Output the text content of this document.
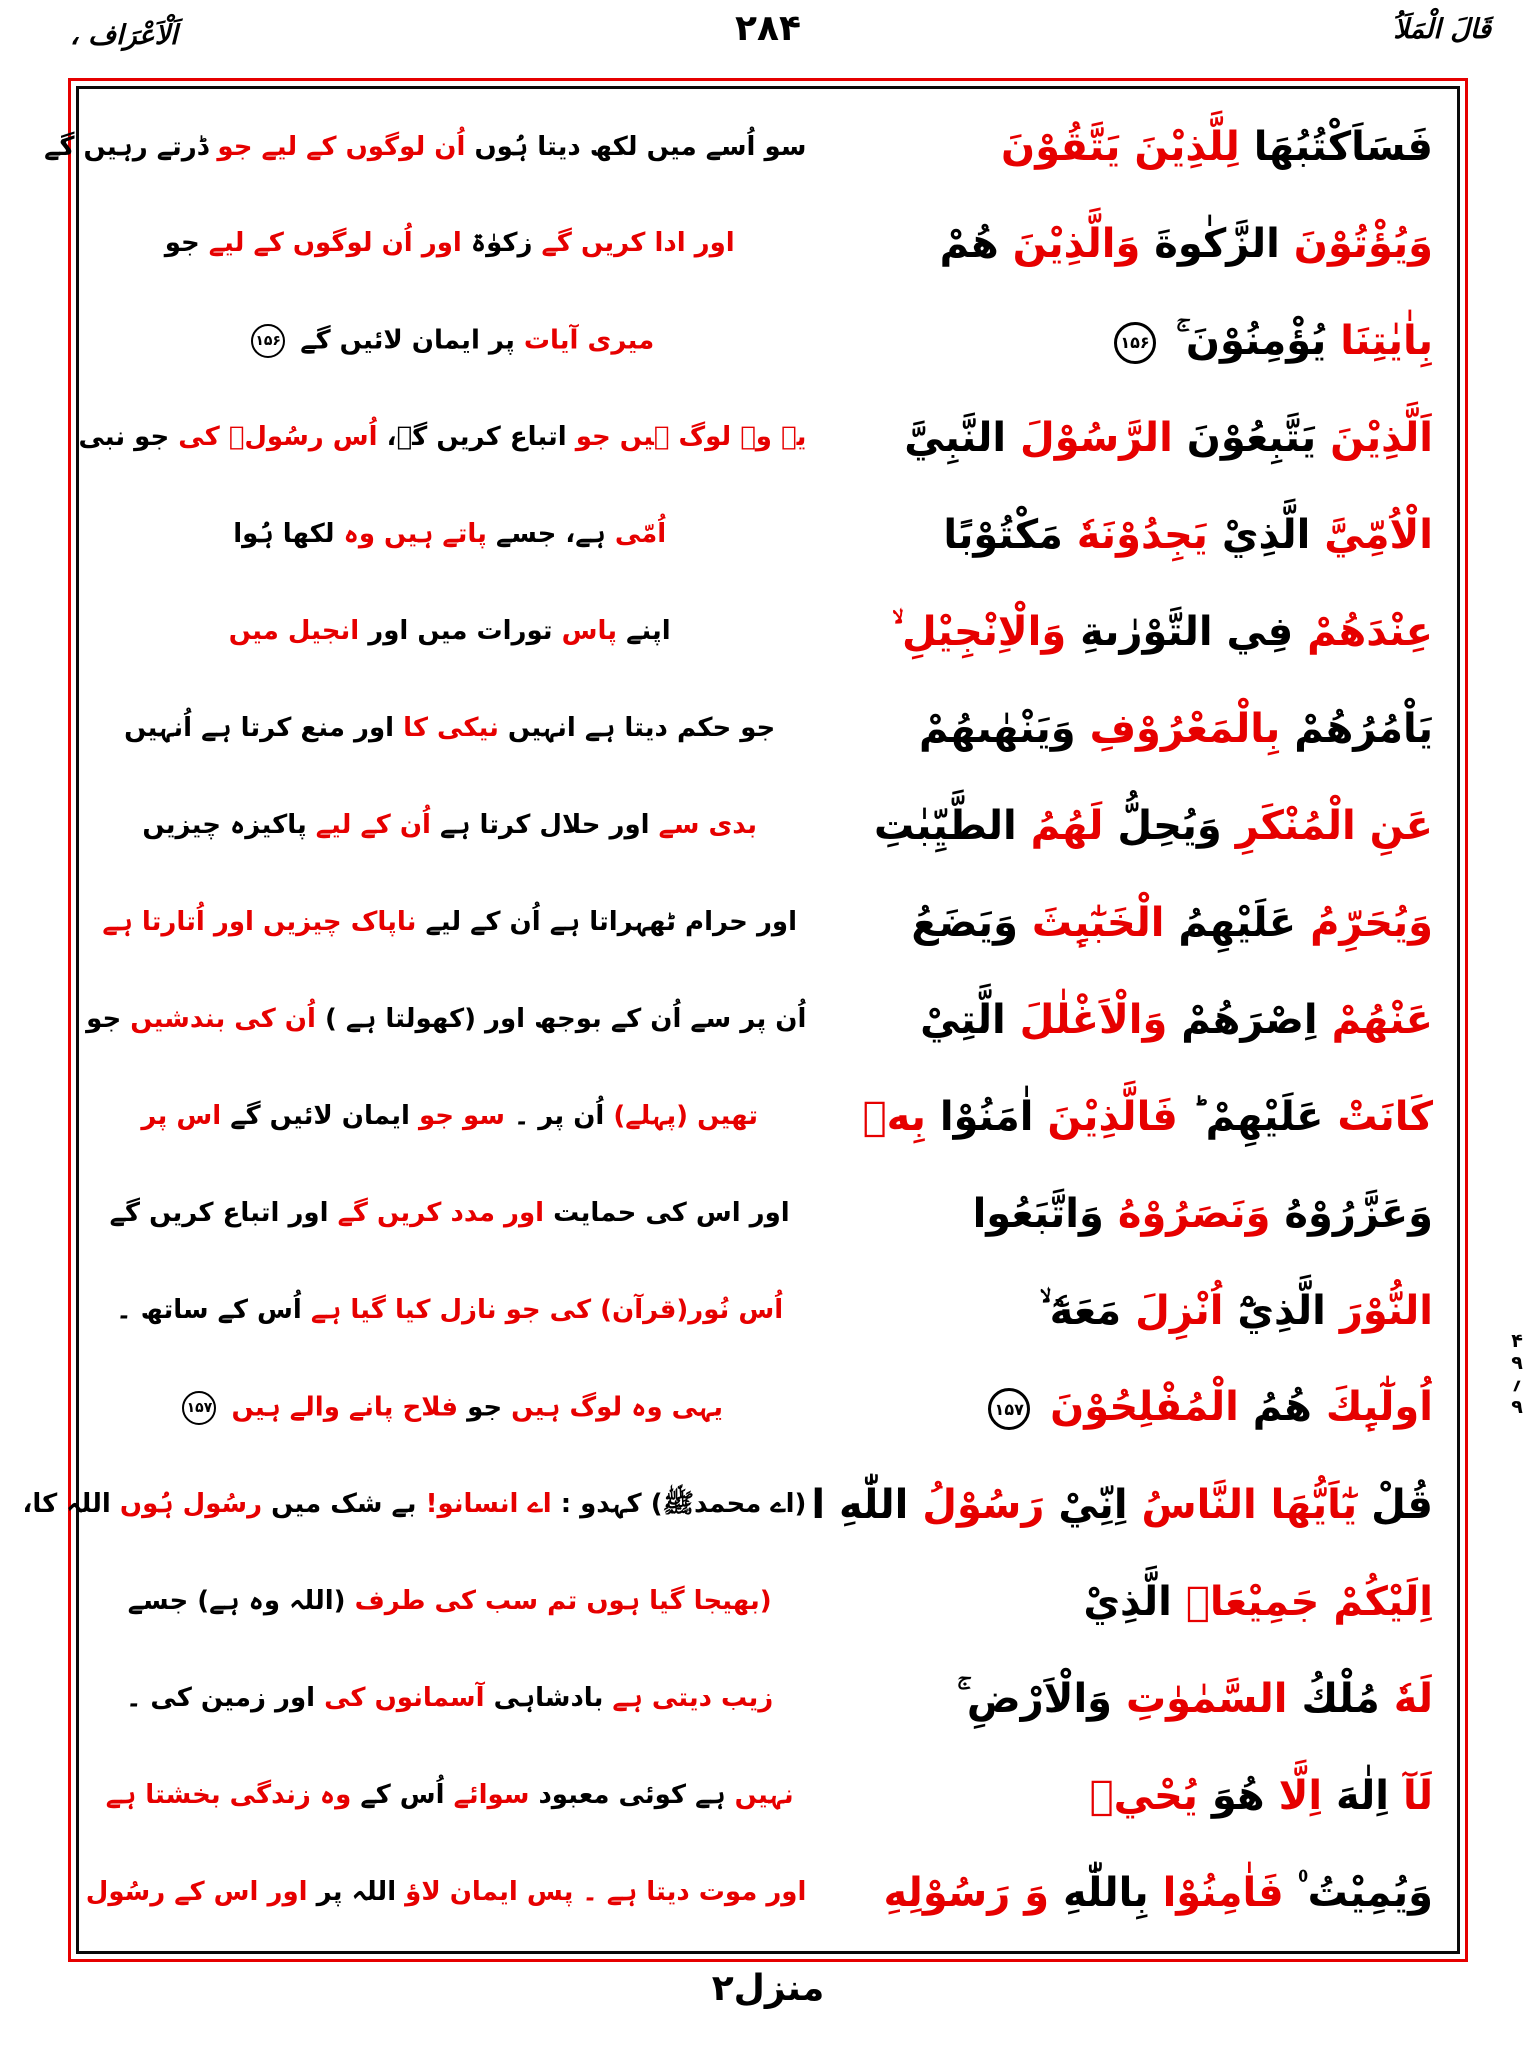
اَلْاَعْرَاف ،	۲۸۴	قَالَ الْمَلَاُ
فَسَاَكْتُبُهَا لِلَّذِيْنَ يَتَّقُوْنَ
سو اُسے میں لکھ دیتا ہُوں اُن لوگوں کے لیے جو ڈرتے رہیں گے
وَيُؤْتُوْنَ الزَّكٰوةَ وَالَّذِيْنَ هُمْ
اور ادا کریں گے زکوٰۃ اور اُن لوگوں کے لیے جو
بِاٰيٰتِنَا يُؤْمِنُوْنَ ۚ ۱۵۶
میری آیات پر ایمان لائیں گے ۱۵۶
اَلَّذِيْنَ يَتَّبِعُوْنَ الرَّسُوْلَ النَّبِيَّ
یہ وہ لوگ ہیں جو اتباع کریں گے، اُس رسُولؐ کی جو نبی
الْاُمِّيَّ الَّذِيْ يَجِدُوْنَهٗ مَكْتُوْبًا
اُمّی ہے، جسے پاتے ہیں وہ لکھا ہُوا
عِنْدَهُمْ فِي التَّوْرٰىةِ وَالْاِنْجِيْلِ ۙ
اپنے پاس تورات میں اور انجیل میں
يَاْمُرُهُمْ بِالْمَعْرُوْفِ وَيَنْهٰىهُمْ
جو حکم دیتا ہے انہیں نیکی کا اور منع کرتا ہے اُنہیں
عَنِ الْمُنْكَرِ وَيُحِلُّ لَهُمُ الطَّيِّبٰتِ
بدی سے اور حلال کرتا ہے اُن کے لیے پاکیزہ چیزیں
وَيُحَرِّمُ عَلَيْهِمُ الْخَبٰٓىِٕثَ وَيَضَعُ
اور حرام ٹھہراتا ہے اُن کے لیے ناپاک چیزیں اور اُتارتا ہے
عَنْهُمْ اِصْرَهُمْ وَالْاَغْلٰلَ الَّتِيْ
اُن پر سے اُن کے بوجھ اور (کھولتا ہے ) اُن کی بندشیں جو
كَانَتْ عَلَيْهِمْ ؕ فَالَّذِيْنَ اٰمَنُوْا بِهٖ
تھیں (پہلے) اُن پر ۔ سو جو ایمان لائیں گے اس پر
وَعَزَّرُوْهُ وَنَصَرُوْهُ وَاتَّبَعُوا
اور اس کی حمایت اور مدد کریں گے اور اتباع کریں گے
النُّوْرَ الَّذِيْٓ اُنْزِلَ مَعَهٗٓ ۙ
اُس نُور(قرآن) کی جو نازل کیا گیا ہے اُس کے ساتھ ۔
اُولٰٓىِٕكَ هُمُ الْمُفْلِحُوْنَ ۱۵۷
یہی وہ لوگ ہیں جو فلاح پانے والے ہیں ۱۵۷
قُلْ يٰٓاَيُّهَا النَّاسُ اِنِّيْ رَسُوْلُ اللّٰهِ ا
(اے محمدﷺ) کہدو : اے انسانو! بے شک میں رسُول ہُوں اللہ کا،
اِلَيْكُمْ جَمِيْعَاۣ الَّذِيْ
(بھیجا گیا ہوں تم سب کی طرف (اللہ وہ ہے) جسے
لَهٗ مُلْكُ السَّمٰوٰتِ وَالْاَرْضِ ۚ
زیب دیتی ہے بادشاہی آسمانوں کی اور زمین کی ۔
لَآ اِلٰهَ اِلَّا هُوَ يُحْيٖ
نہیں ہے کوئی معبود سوائے اُس کے وہ زندگی بخشتا ہے
وَيُمِيْتُ ۠ فَاٰمِنُوْا بِاللّٰهِ وَ رَسُوْلِهِ
اور موت دیتا ہے ۔ پس ایمان لاؤ اللہ پر اور اس کے رسُول
۹؍۴۹
منزل۲
